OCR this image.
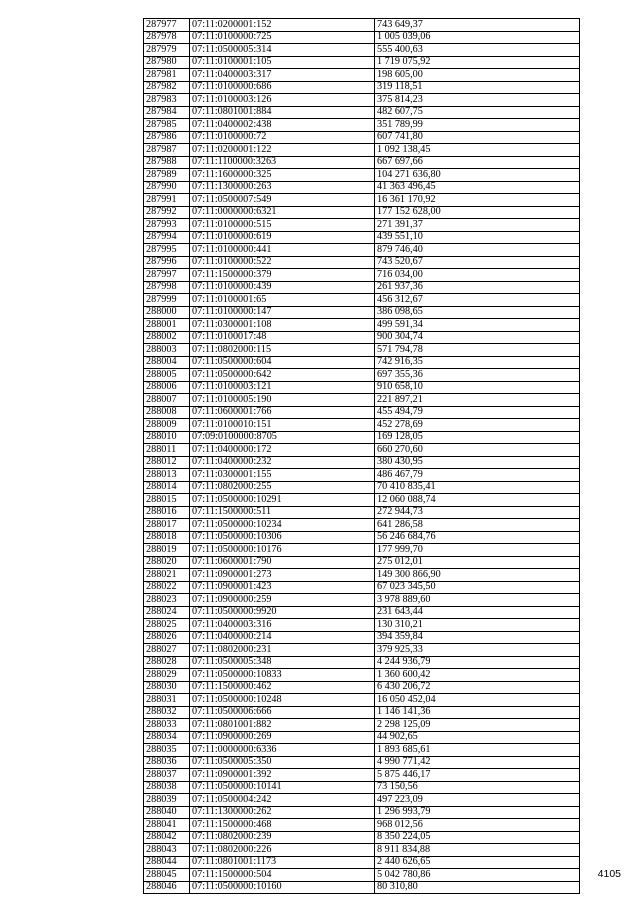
287977	07:11:0200001:152	743 649,37
287978	07:11:0100000:725	1 005 039,06
287979	07:11:0500005:314	555 400,63
287980	07:11:0100001:105	1 719 075,92
287981	07:11:0400003:317	198 605,00
287982	07:11:0100000:686	319 118,51
287983	07:11:0100003:126	375 814,23
287984	07:11:0801001:884	482 607,75
287985	07:11:0400002:438	351 789,99
287986	07:11:0100000:72	607 741,80
287987	07:11:0200001:122	1 092 138,45
287988	07:11:1100000:3263	667 697,66
287989	07:11:1600000:325	104 271 636,80
287990	07:11:1300000:263	41 363 496,45
287991	07:11:0500007:549	16 361 170,92
287992	07:11:0000000:6321	177 152 628,00
287993	07:11:0100000:515	271 391,37
287994	07:11:0100000:619	439 551,10
287995	07:11:0100000:441	879 746,40
287996	07:11:0100000:522	743 520,67
287997	07:11:1500000:379	716 034,00
287998	07:11:0100000:439	261 937,36
287999	07:11:0100001:65	456 312,67
288000	07:11:0100000:147	386 098,65
288001	07:11:0300001:108	499 591,34
288002	07:11:0100017:48	900 304,74
288003	07:11:0802000:115	571 794,78
288004	07:11:0500000:604	742 916,35
288005	07:11:0500000:642	697 355,36
288006	07:11:0100003:121	910 658,10
288007	07:11:0100005:190	221 897,21
288008	07:11:0600001:766	455 494,79
288009	07:11:0100010:151	452 278,69
288010	07:09:0100000:8705	169 128,05
288011	07:11:0400000:172	660 270,60
288012	07:11:0400000:232	380 430,95
288013	07:11:0300001:155	486 467,79
288014	07:11:0802000:255	70 410 835,41
288015	07:11:0500000:10291	12 060 088,74
288016	07:11:1500000:511	272 944,73
288017	07:11:0500000:10234	641 286,58
288018	07:11:0500000:10306	56 246 684,76
288019	07:11:0500000:10176	177 999,70
288020	07:11:0600001:790	275 012,01
288021	07:11:0900001:273	149 300 866,90
288022	07:11:0900001:423	67 023 345,50
288023	07:11:0900000:259	3 978 889,60
288024	07:11:0500000:9920	231 643,44
288025	07:11:0400003:316	130 310,21
288026	07:11:0400000:214	394 359,84
288027	07:11:0802000:231	379 925,33
288028	07:11:0500005:348	4 244 936,79
288029	07:11:0500000:10833	1 360 600,42
288030	07:11:1500000:462	6 430 206,72
288031	07:11:0500000:10248	16 050 452,04
288032	07:11:0500006:666	1 146 141,36
288033	07:11:0801001:882	2 298 125,09
288034	07:11:0900000:269	44 902,65
288035	07:11:0000000:6336	1 893 685,61
288036	07:11:0500005:350	4 990 771,42
288037	07:11:0900001:392	5 875 446,17
288038	07:11:0500000:10141	73 150,56
288039	07:11:0500004:242	497 223,09
288040	07:11:1300000:262	1 296 993,79
288041	07:11:1500000:468	968 012,56
288042	07:11:0802000:239	8 350 224,05
288043	07:11:0802000:226	8 911 834,88
288044	07:11:0801001:1173	2 440 626,65
288045	07:11:1500000:504	5 042 780,86
288046	07:11:0500000:10160	80 310,80
4105
